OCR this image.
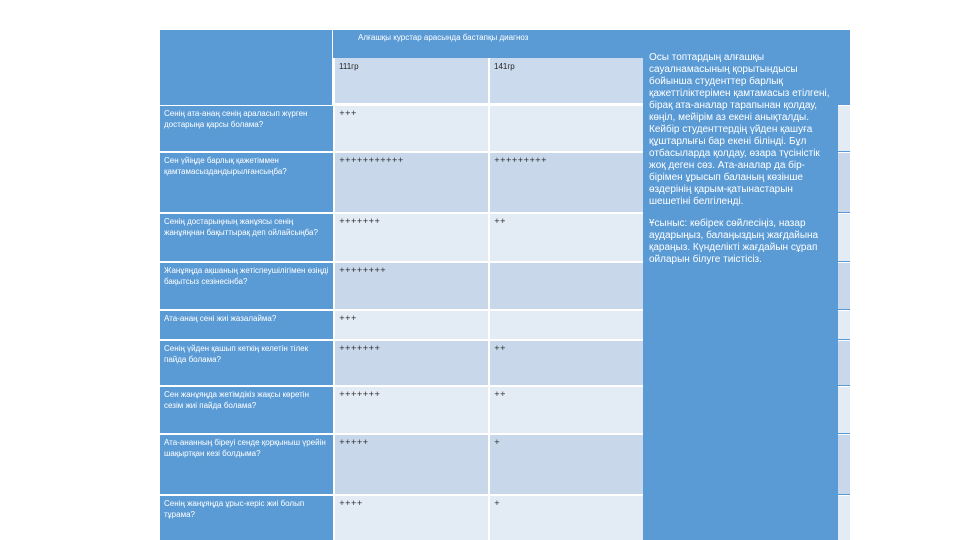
Алғашқы курстар арасында бастапқы диагноз
111гр	141гр

Осы топтардың алғашқы сауалнамасының қорытындысы бойынша студенттер барлық қажеттіліктерімен қамтамасыз етілгені, бірақ ата-аналар тарапынан қолдау, көңіл, мейірім аз екені анықталды.
Кейбір студенттердің үйден қашуға құштарлығы бар екені білінді. Бұл отбасыларда қолдау, өзара түсіністік жоқ деген сөз. Ата-аналар да бір-бірімен ұрысып баланың көзінше өздерінің қарым-қатынастарын шешетіні белгіленді.

Ұсыныс: көбірек сөйлесіңіз, назар аударыңыз, балаңыздың жағдайына қараңыз. Күнделікті жағдайын сұрап ойларын білуге тиістісіз.

Сенің ата-анаң сенің араласып жүрген достарыңа қарсы болама?
+++
Сен үйіңде барлық қажетіммен қамтамасыздандырылғансыңба?
+++++++++++	+++++++++
Сенің достарыңның жанұясы сенің жанұяңнан бақыттырақ деп ойлайсыңба?
+++++++	++
Жанұяңда ақшаның жетіспеушілігімен өзіңді бақытсыз сезінесінба?
++++++++
Ата-анаң сені жиі жазалайма?	+++
Сенің үйден қашып кеткің келетін тілек пайда болама?
+++++++	++
Сен жанұяңда жетімдікіз жақсы көретін сезім жиі пайда болама?
+++++++	++
Ата-ананның біреуі сенде қорқыныш үрейін шақыртқан кезі болдыма?
+++++	+
Сенің жанұяңда ұрыс-керіс жиі болып тұрама?
++++	+
